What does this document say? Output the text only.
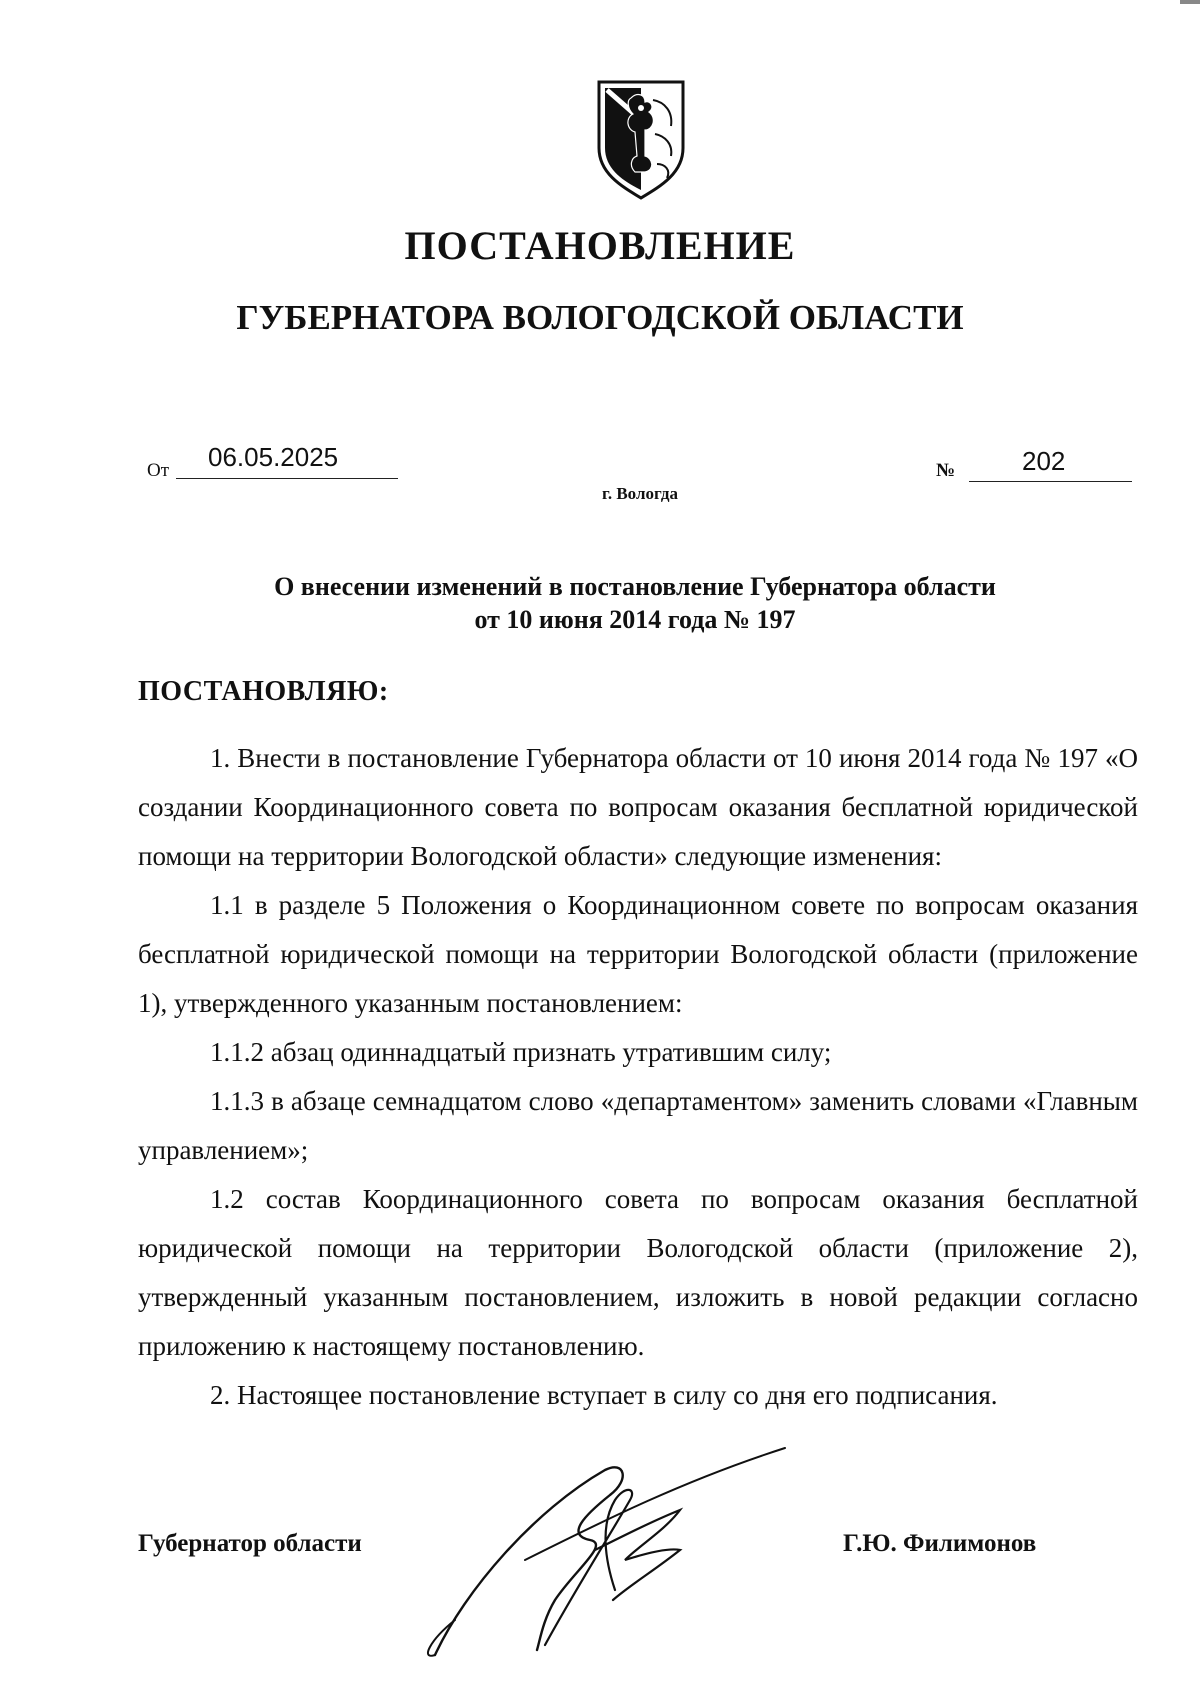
ПОСТАНОВЛЕНИЕ
ГУБЕРНАТОРА ВОЛОГОДСКОЙ ОБЛАСТИ
От 06.05.2025	№	202
г. Вологда
О внесении изменений в постановление Губернатора области
от 10 июня 2014 года № 197
ПОСТАНОВЛЯЮ:

1. Внести в постановление Губернатора области от 10 июня 2014 года № 197 «О создании Координационного совета по вопросам оказания бесплатной юридической помощи на территории Вологодской области» следующие изменения:

1.1 в разделе 5 Положения о Координационном совете по вопросам оказания бесплатной юридической помощи на территории Вологодской области (приложение 1), утвержденного указанным постановлением:

1.1.2 абзац одиннадцатый признать утратившим силу;

1.1.3 в абзаце семнадцатом слово «департаментом» заменить словами «Главным управлением»;

1.2 состав Координационного совета по вопросам оказания бесплатной юридической помощи на территории Вологодской области (приложение 2), утвержденный указанным постановлением, изложить в новой редакции согласно приложению к настоящему постановлению.

2. Настоящее постановление вступает в силу со дня его подписания.

Губернатор области	Г.Ю. Филимонов
